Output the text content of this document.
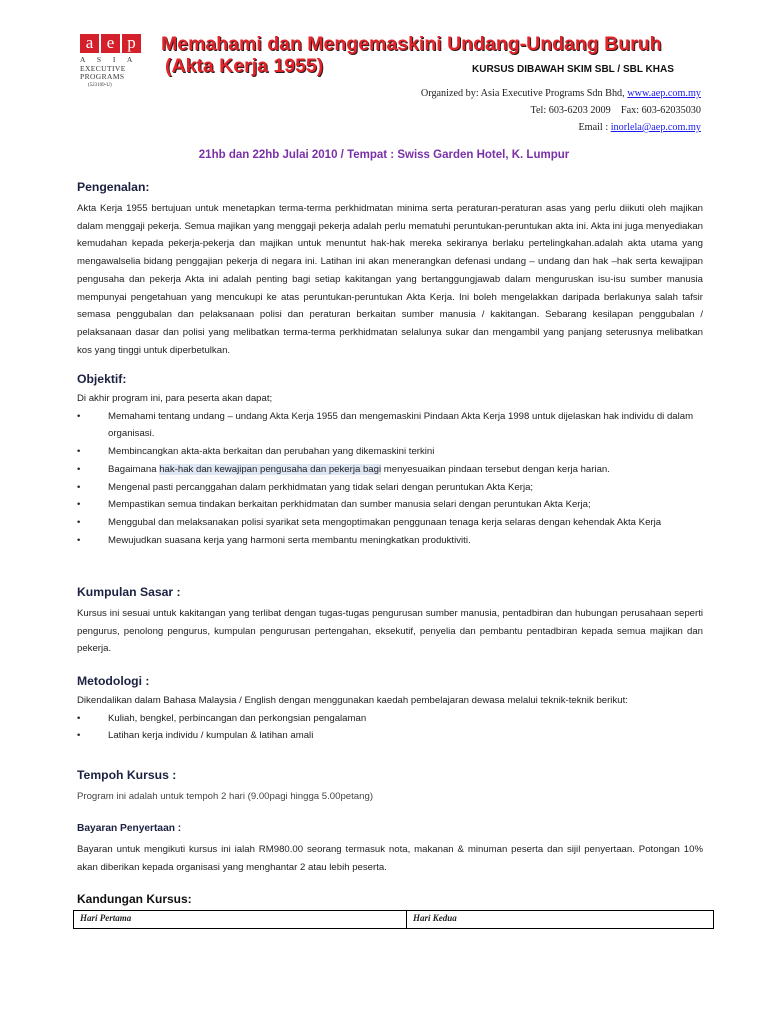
a e p
A S I A
EXECUTIVE
PROGRAMS
(523109-U)
Memahami dan Mengemaskini Undang-Undang Buruh
(Akta Kerja 1955)	KURSUS DIBAWAH SKIM SBL / SBL KHAS
Organized by: Asia Executive Programs Sdn Bhd, www.aep.com.my
Tel: 603-6203 2009 Fax: 603-62035030
Email : inorlela@aep.com.my
21hb dan 22hb Julai 2010 / Tempat : Swiss Garden Hotel, K. Lumpur
Pengenalan:
Akta Kerja 1955 bertujuan untuk menetapkan terma-terma perkhidmatan minima serta peraturan-peraturan asas yang perlu diikuti oleh majikan dalam menggaji pekerja. Semua majikan yang menggaji pekerja adalah perlu mematuhi peruntukan-peruntukan akta ini. Akta ini juga menyediakan kemudahan kepada pekerja-pekerja dan majikan untuk menuntut hak-hak mereka sekiranya berlaku pertelingkahan.adalah akta utama yang mengawalselia bidang penggajian pekerja di negara ini. Latihan ini akan menerangkan defenasi undang – undang dan hak –hak serta kewajipan pengusaha dan pekerja Akta ini adalah penting bagi setiap kakitangan yang bertanggungjawab dalam menguruskan isu-isu sumber manusia mempunyai pengetahuan yang mencukupi ke atas peruntukan-peruntukan Akta Kerja. Ini boleh mengelakkan daripada berlakunya salah tafsir semasa penggubalan dan pelaksanaan polisi dan peraturan berkaitan sumber manusia / kakitangan. Sebarang kesilapan penggubalan / pelaksanaan dasar dan polisi yang melibatkan terma-terma perkhidmatan selalunya sukar dan mengambil yang panjang seterusnya melibatkan kos yang tinggi untuk diperbetulkan.
Objektif:
Di akhir program ini, para peserta akan dapat;
• Memahami tentang undang – undang Akta Kerja 1955 dan mengemaskini Pindaan Akta Kerja 1998 untuk dijelaskan hak individu di dalam organisasi.
• Membincangkan akta-akta berkaitan dan perubahan yang dikemaskini terkini
• Bagaimana hak-hak dan kewajipan pengusaha dan pekerja bagi menyesuaikan pindaan tersebut dengan kerja harian.
• Mengenal pasti percanggahan dalam perkhidmatan yang tidak selari dengan peruntukan Akta Kerja;
• Mempastikan semua tindakan berkaitan perkhidmatan dan sumber manusia selari dengan peruntukan Akta Kerja;
• Menggubal dan melaksanakan polisi syarikat seta mengoptimakan penggunaan tenaga kerja selaras dengan kehendak Akta Kerja
• Mewujudkan suasana kerja yang harmoni serta membantu meningkatkan produktiviti.
Kumpulan Sasar :
Kursus ini sesuai untuk kakitangan yang terlibat dengan tugas-tugas pengurusan sumber manusia, pentadbiran dan hubungan perusahaan seperti pengurus, penolong pengurus, kumpulan pengurusan pertengahan, eksekutif, penyelia dan pembantu pentadbiran kepada semua majikan dan pekerja.
Metodologi :
Dikendalikan dalam Bahasa Malaysia / English dengan menggunakan kaedah pembelajaran dewasa melalui teknik-teknik berikut:
• Kuliah, bengkel, perbincangan dan perkongsian pengalaman
• Latihan kerja individu / kumpulan & latihan amali
Tempoh Kursus :
Program ini adalah untuk tempoh 2 hari (9.00pagi hingga 5.00petang)
Bayaran Penyertaan :
Bayaran untuk mengikuti kursus ini ialah RM980.00 seorang termasuk nota, makanan & minuman peserta dan sijil penyertaan. Potongan 10% akan diberikan kepada organisasi yang menghantar 2 atau lebih peserta.
Kandungan Kursus:
Hari Pertama	Hari Kedua
